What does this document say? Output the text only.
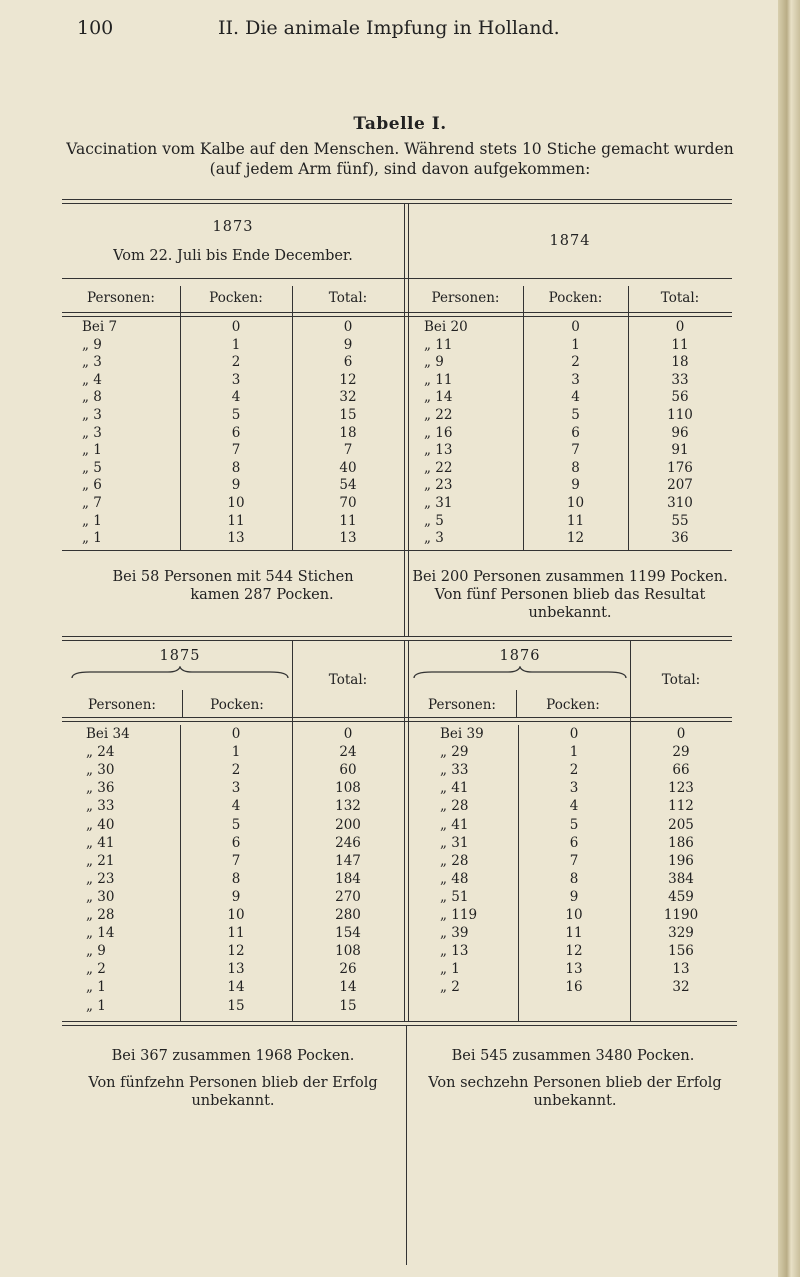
100	II. Die animale Impfung in Holland.
Tabelle I.
Vaccination vom Kalbe auf den Menschen. Während stets 10 Stiche gemacht wurden
(auf jedem Arm fünf), sind davon aufgekommen:
1873
Vom 22. Juli bis Ende December.
Personen:	Pocken:	Total:
1874
Personen:	Pocken:	Total:
Bei 7	0	0
„ 9	1	9
„ 3	2	6
„ 4	3	12
„ 8	4	32
„ 3	5	15
„ 3	6	18
„ 1	7	7
„ 5	8	40
„ 6	9	54
„ 7	10	70
„ 1	11	11
„ 1	13	13
Bei 20	0	0
„ 11	1	11
„ 9	2	18
„ 11	3	33
„ 14	4	56
„ 22	5	110
„ 16	6	96
„ 13	7	91
„ 22	8	176
„ 23	9	207
„ 31	10	310
„ 5	11	55
„ 3	12	36
Bei 58 Personen mit 544 Stichen
kamen 287 Pocken.
Bei 200 Personen zusammen 1199 Pocken.
Von fünf Personen blieb das Resultat
unbekannt.
1875
Personen:	Pocken:
Total:
1876
Personen:	Pocken:
Total:
Bei 34	0	0
„ 24	1	24
„ 30	2	60
„ 36	3	108
„ 33	4	132
„ 40	5	200
„ 41	6	246
„ 21	7	147
„ 23	8	184
„ 30	9	270
„ 28	10	280
„ 14	11	154
„ 9	12	108
„ 2	13	26
„ 1	14	14
„ 1	15	15
Bei 39	0	0
„ 29	1	29
„ 33	2	66
„ 41	3	123
„ 28	4	112
„ 41	5	205
„ 31	6	186
„ 28	7	196
„ 48	8	384
„ 51	9	459
„ 119	10	1190
„ 39	11	329
„ 13	12	156
„ 1	13	13
„ 2	16	32
Bei 367 zusammen 1968 Pocken.
Von fünfzehn Personen blieb der Erfolg
unbekannt.
Bei 545 zusammen 3480 Pocken.
Von sechzehn Personen blieb der Erfolg
unbekannt.
